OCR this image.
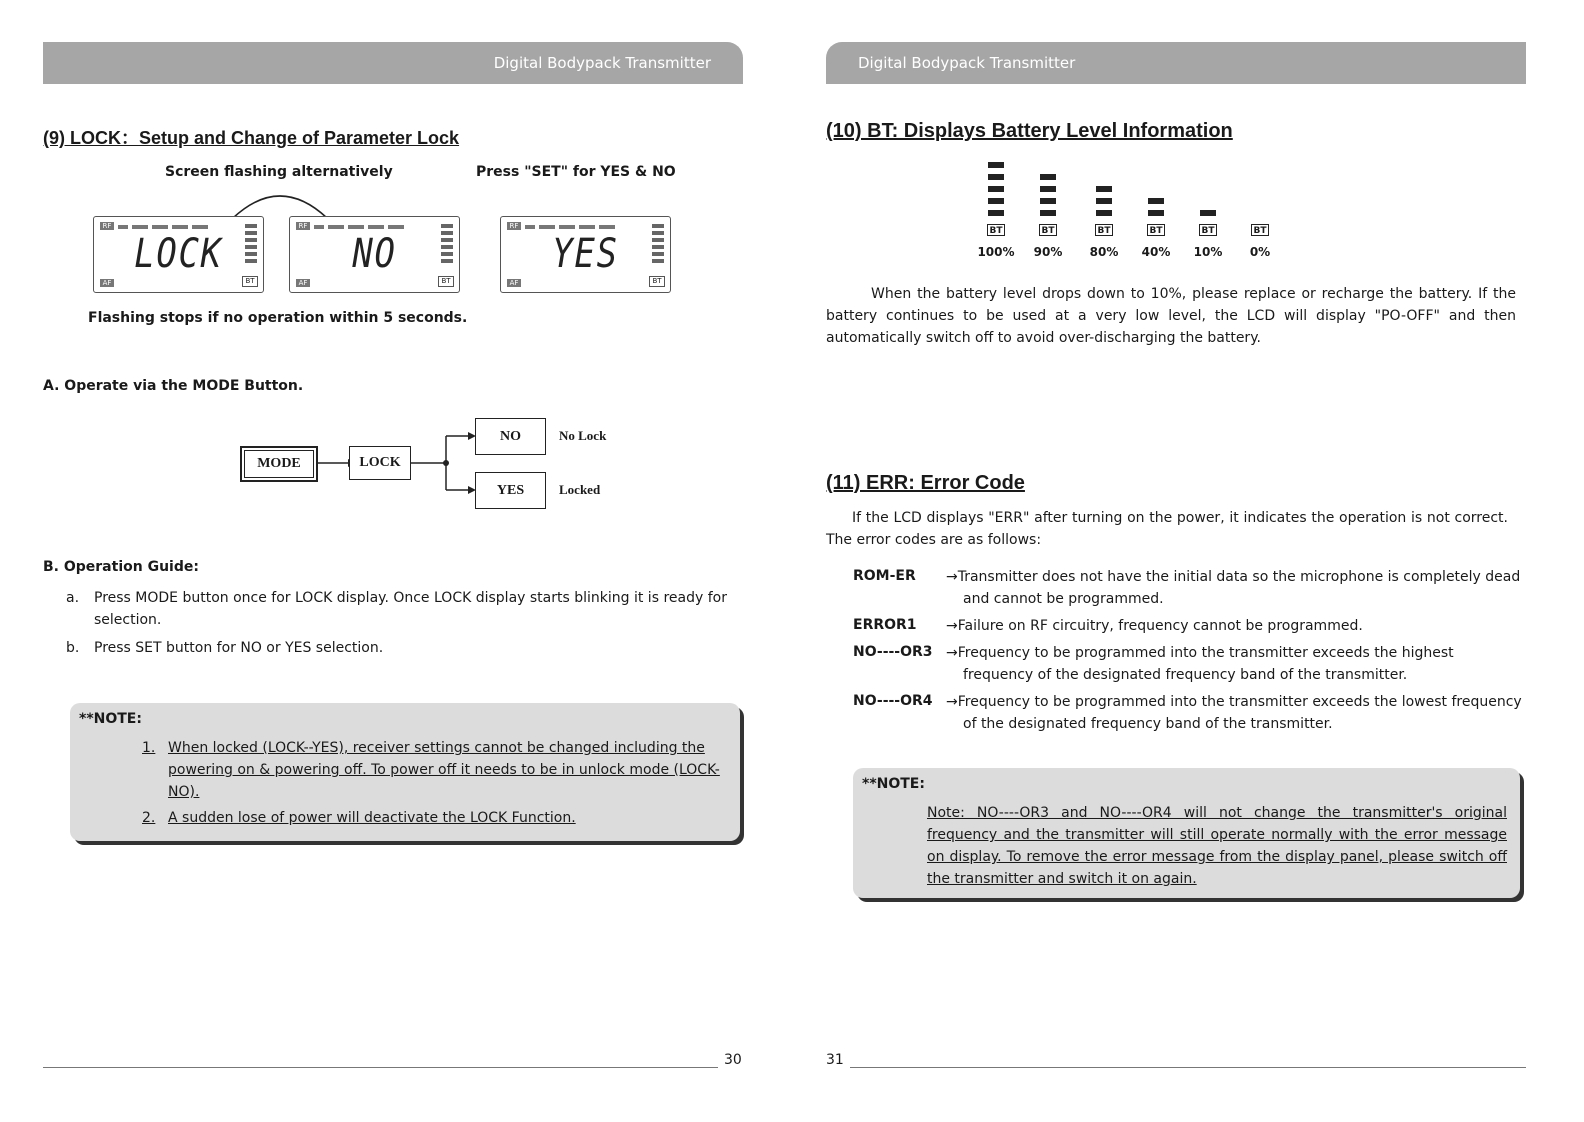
Digital Bodypack Transmitter	Digital Bodypack Transmitter
(9) LOCK：Setup and Change of Parameter Lock
Screen flashing alternatively	Press "SET" for YES & NO
RF
LOCK
AF	BT
RF
NO
AF	BT
RF
YES
AF	BT
Flashing stops if no operation within 5 seconds.
A. Operate via the MODE Button.
MODE	LOCK
NO
YES
No Lock
Locked
B. Operation Guide:
a.	Press MODE button once for LOCK display. Once LOCK display starts blinking it is ready for selection.
b.	Press SET button for NO or YES selection.
**NOTE:
1. When locked (LOCK--YES), receiver settings cannot be changed including the powering on & powering off. To power off it needs to be in unlock mode (LOCK-NO).
2. A sudden lose of power will deactivate the LOCK Function.
30
(10) BT: Displays Battery Level Information
BT
100%
BT
90%
BT
80%
BT
40%
BT
10%
BT
0%
When the battery level drops down to 10%, please replace or recharge the battery. If the battery continues to be used at a very low level, the LCD will display "PO-OFF" and then automatically switch off to avoid over-discharging the battery.
(11) ERR: Error Code
If the LCD displays "ERR" after turning on the power, it indicates the operation is not correct. The error codes are as follows:
ROM-ER →Transmitter does not have the initial data so the microphone is completely dead and cannot be programmed.
ERROR1 →Failure on RF circuitry, frequency cannot be programmed.
NO----OR3 →Frequency to be programmed into the transmitter exceeds the highest frequency of the designated frequency band of the transmitter.
NO----OR4 →Frequency to be programmed into the transmitter exceeds the lowest frequency of the designated frequency band of the transmitter.
**NOTE:
Note: NO----OR3 and NO----OR4 will not change the transmitter's original frequency and the transmitter will still operate normally with the error message on display. To remove the error message from the display panel, please switch off the transmitter and switch it on again.
31
